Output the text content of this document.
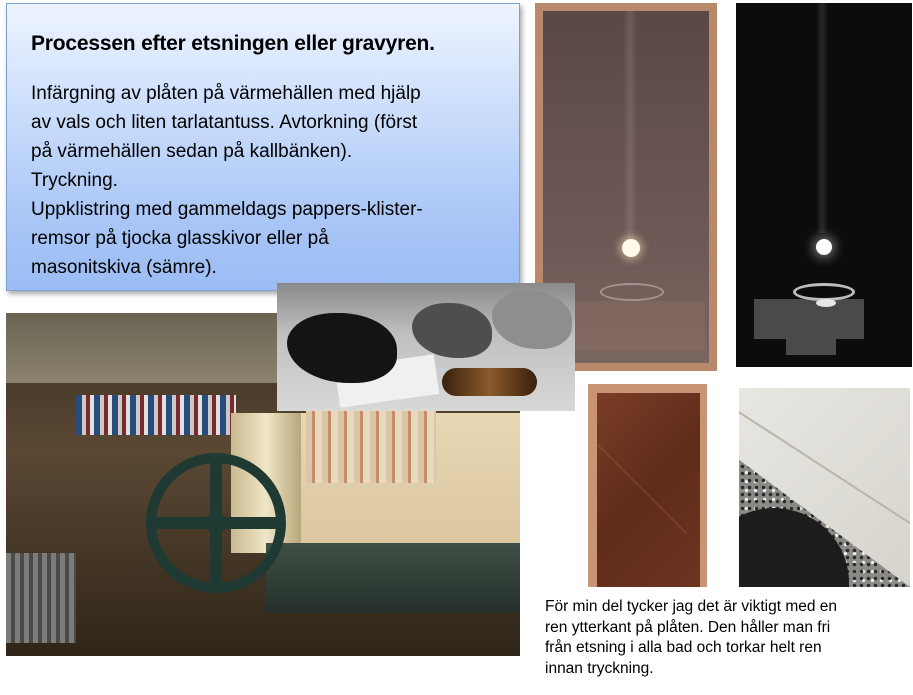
Processen efter etsningen eller gravyren.
Infärgning av plåten på värmehällen med hjälp
av vals och liten tarlatantuss. Avtorkning (först
på värmehällen sedan på kallbänken).
Tryckning.
Uppklistring med gammeldags pappers-klister-
remsor på tjocka glasskivor eller på
masonitskiva (sämre).
För min del tycker jag det är viktigt med en
ren ytterkant på plåten. Den håller man fri
från etsning i alla bad och torkar helt ren
innan tryckning.
